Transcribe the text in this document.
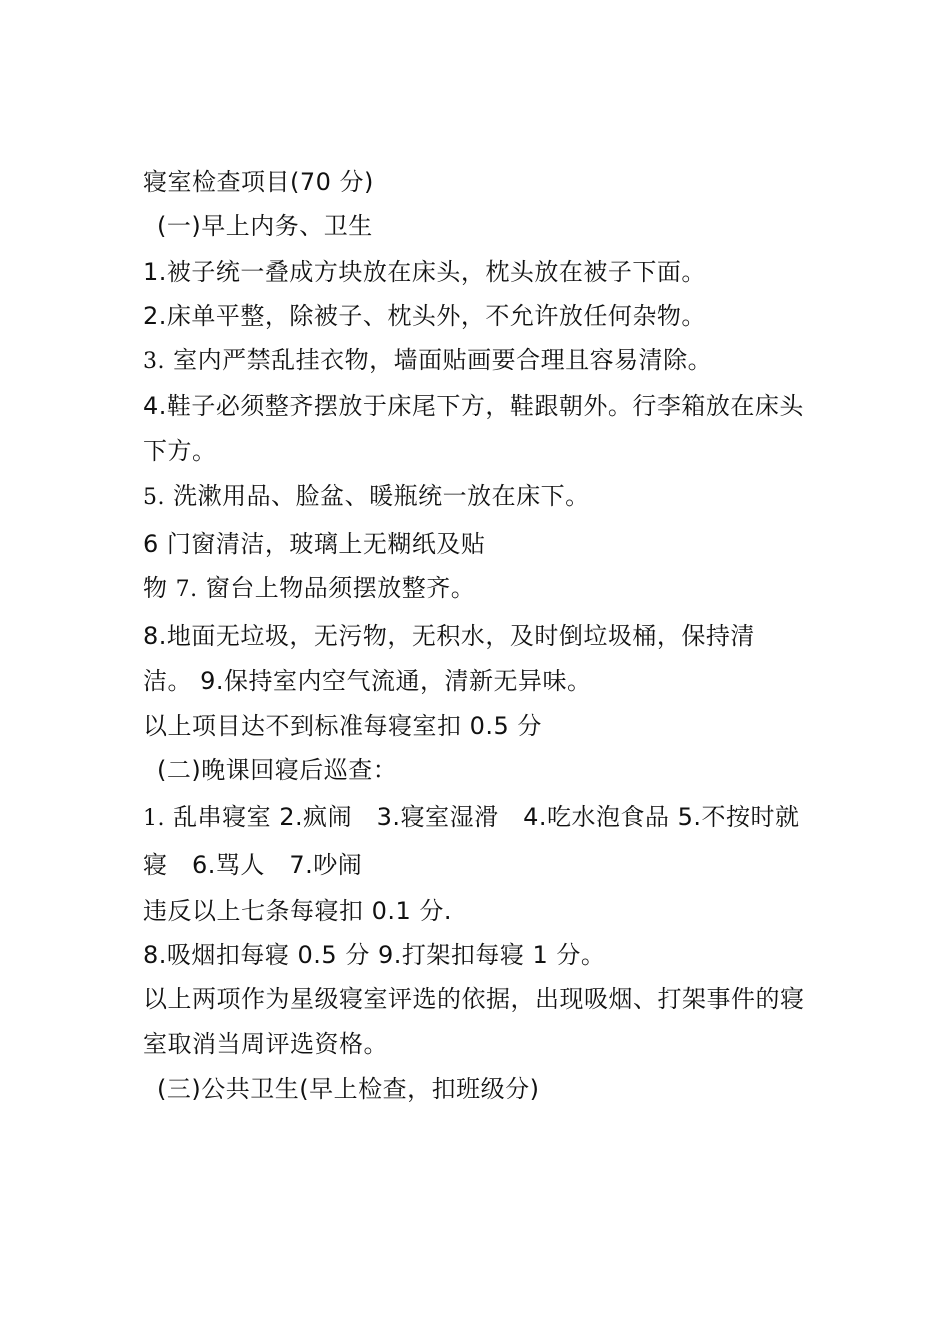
寝室检查项目(70 分)
(一)早上内务、卫生
1.被子统一叠成方块放在床头，枕头放在被子下面。
2.床单平整，除被子、枕头外，不允许放任何杂物。
3. 室内严禁乱挂衣物，墙面贴画要合理且容易清除。
4.鞋子必须整齐摆放于床尾下方，鞋跟朝外。行李箱放在床头下方。
5. 洗漱用品、脸盆、暖瓶统一放在床下。
6 门窗清洁，玻璃上无糊纸及贴
物 7. 窗台上物品须摆放整齐。
8.地面无垃圾，无污物，无积水，及时倒垃圾桶，保持清洁。 9.保持室内空气流通，清新无异味。
以上项目达不到标准每寝室扣 0.5 分
(二)晚课回寝后巡查：
1. 乱串寝室 2.疯闹　3.寝室湿滑　4.吃水泡食品 5.不按时就寝　6.骂人　7.吵闹
违反以上七条每寝扣 0.1 分.
8.吸烟扣每寝 0.5 分 9.打架扣每寝 1 分。
以上两项作为星级寝室评选的依据，出现吸烟、打架事件的寝室取消当周评选资格。
(三)公共卫生(早上检查，扣班级分)
